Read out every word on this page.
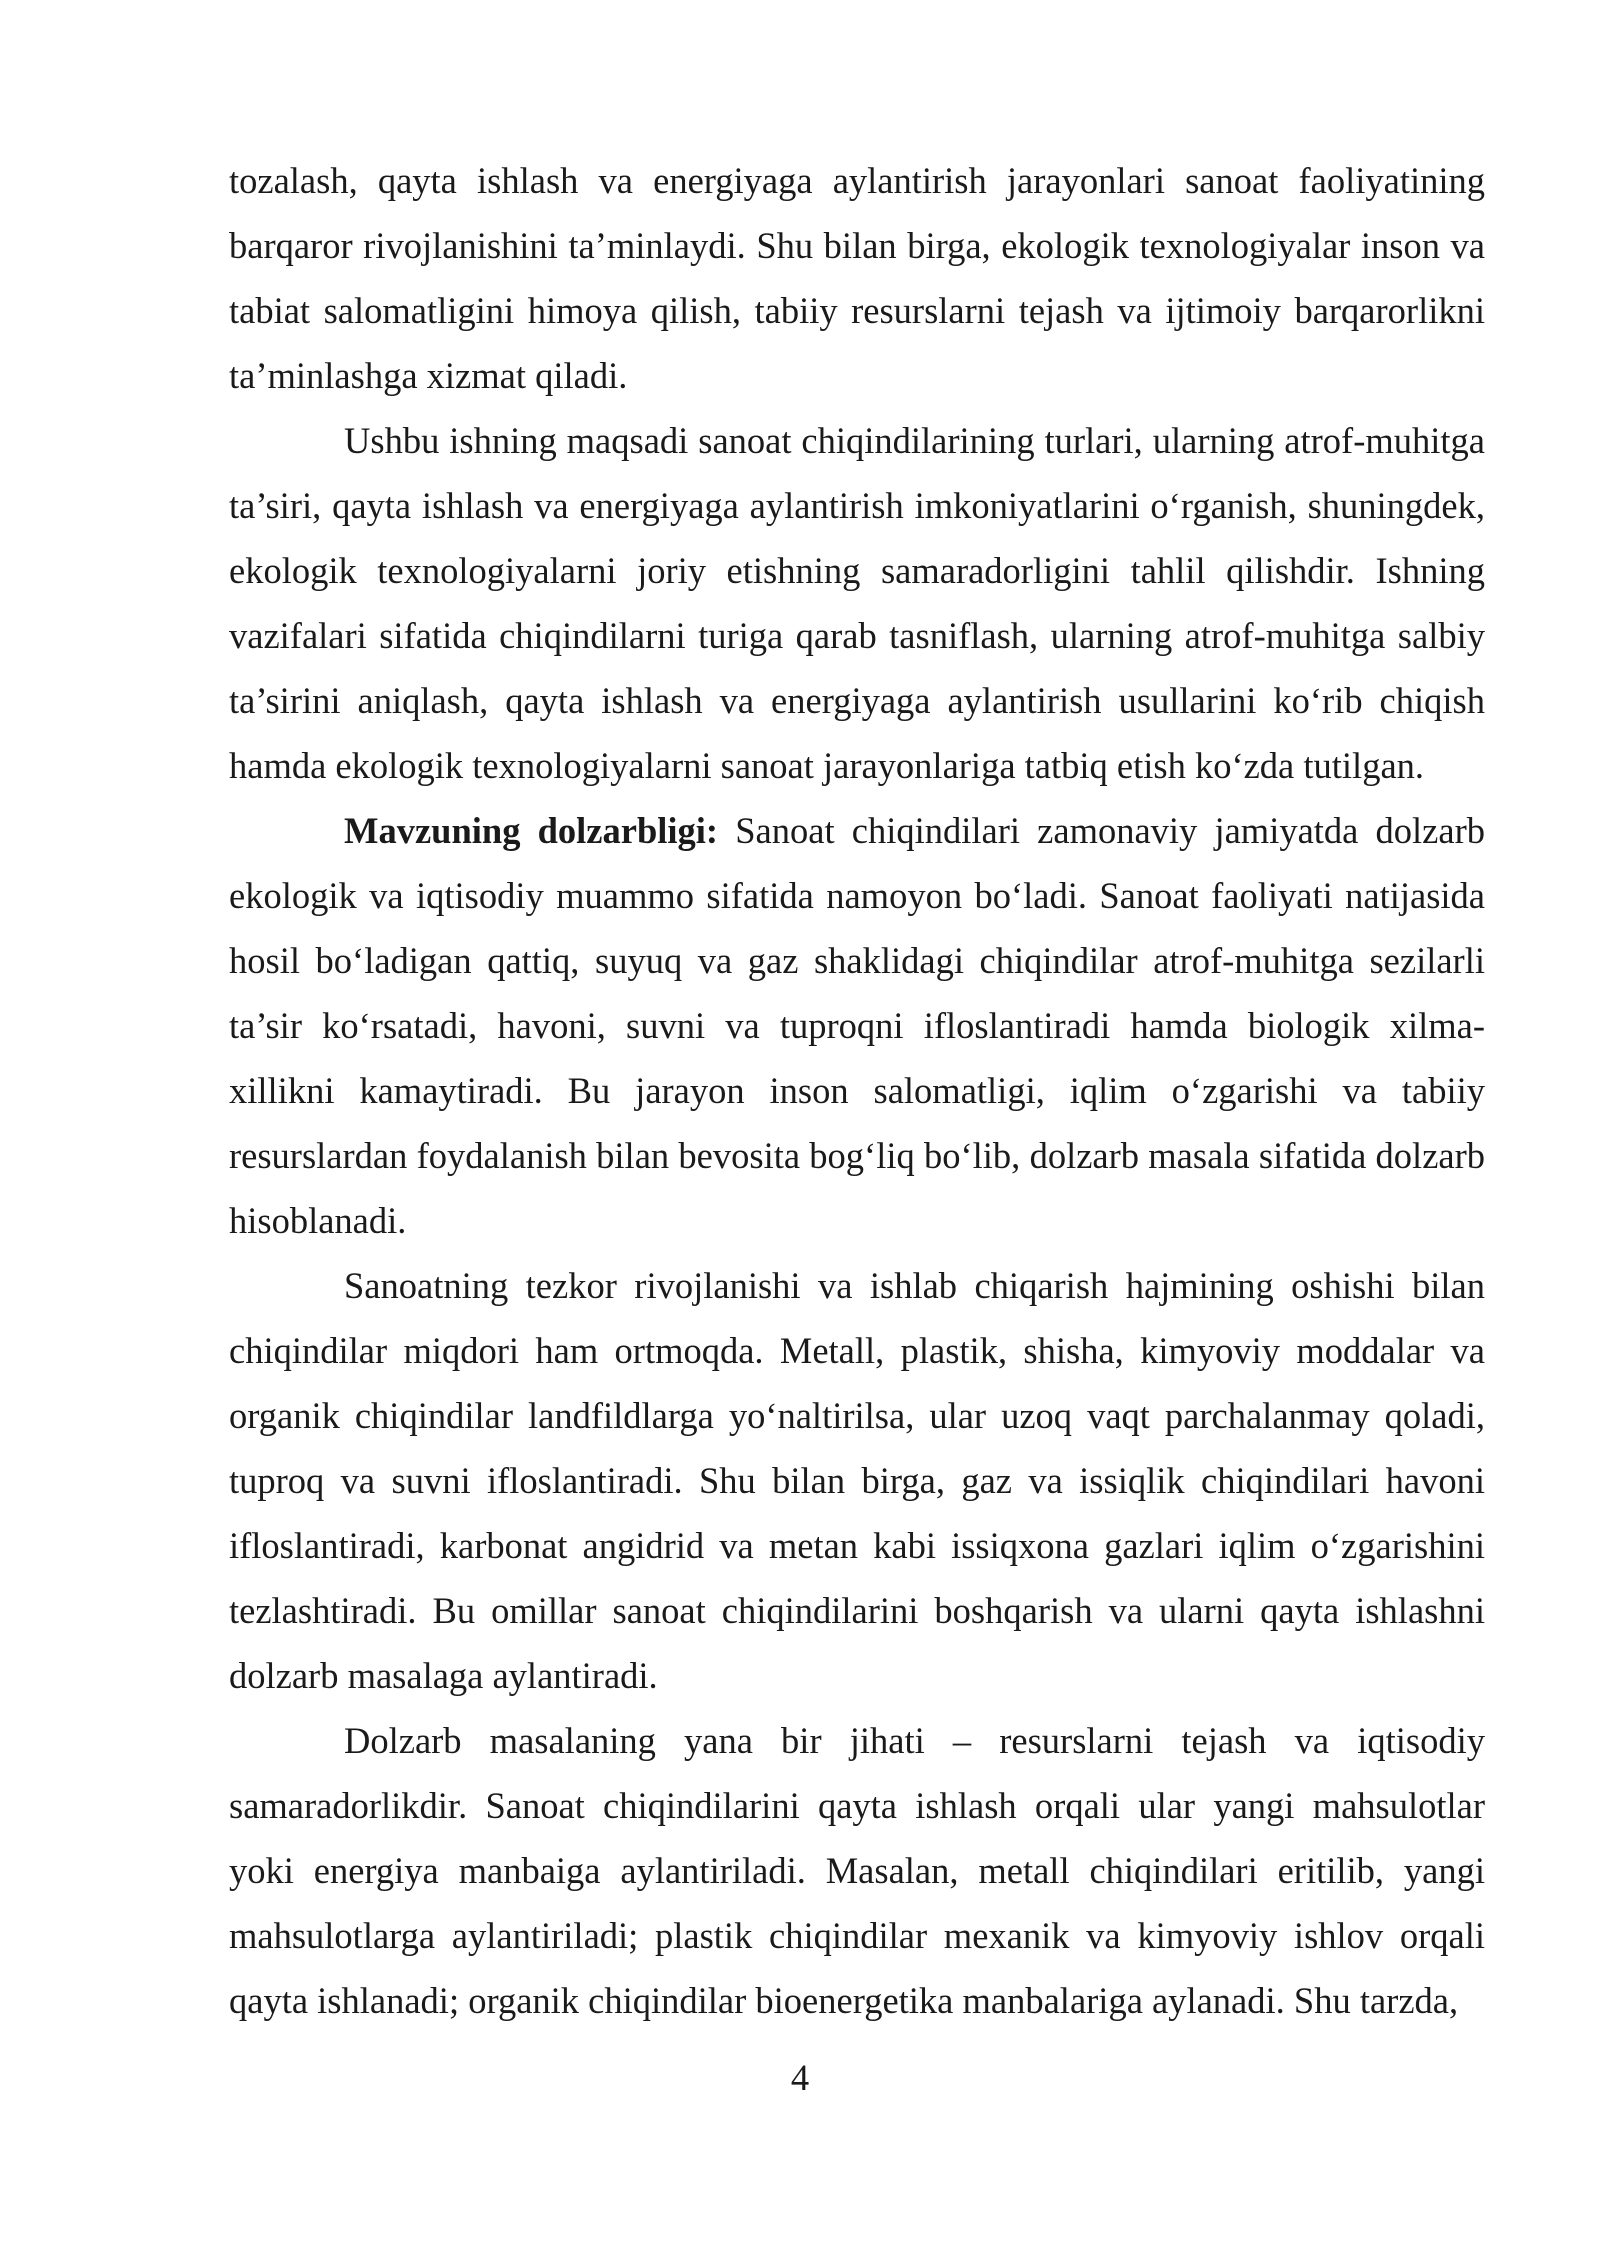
tozalash, qayta ishlash va energiyaga aylantirish jarayonlari sanoat faoliyatining barqaror rivojlanishini ta’minlaydi. Shu bilan birga, ekologik texnologiyalar inson va tabiat salomatligini himoya qilish, tabiiy resurslarni tejash va ijtimoiy barqarorlikni ta’minlashga xizmat qiladi.

Ushbu ishning maqsadi sanoat chiqindilarining turlari, ularning atrof-muhitga ta’siri, qayta ishlash va energiyaga aylantirish imkoniyatlarini o‘rganish, shuningdek, ekologik texnologiyalarni joriy etishning samaradorligini tahlil qilishdir. Ishning vazifalari sifatida chiqindilarni turiga qarab tasniflash, ularning atrof-muhitga salbiy ta’sirini aniqlash, qayta ishlash va energiyaga aylantirish usullarini ko‘rib chiqish hamda ekologik texnologiyalarni sanoat jarayonlariga tatbiq etish ko‘zda tutilgan.

Mavzuning dolzarbligi: Sanoat chiqindilari zamonaviy jamiyatda dolzarb ekologik va iqtisodiy muammo sifatida namoyon bo‘ladi. Sanoat faoliyati natijasida hosil bo‘ladigan qattiq, suyuq va gaz shaklidagi chiqindilar atrof-muhitga sezilarli ta’sir ko‘rsatadi, havoni, suvni va tuproqni ifloslantiradi hamda biologik xilma-xillikni kamaytiradi. Bu jarayon inson salomatligi, iqlim o‘zgarishi va tabiiy resurslardan foydalanish bilan bevosita bog‘liq bo‘lib, dolzarb masala sifatida dolzarb hisoblanadi.

Sanoatning tezkor rivojlanishi va ishlab chiqarish hajmining oshishi bilan chiqindilar miqdori ham ortmoqda. Metall, plastik, shisha, kimyoviy moddalar va organik chiqindilar landfildlarga yo‘naltirilsa, ular uzoq vaqt parchalanmay qoladi, tuproq va suvni ifloslantiradi. Shu bilan birga, gaz va issiqlik chiqindilari havoni ifloslantiradi, karbonat angidrid va metan kabi issiqxona gazlari iqlim o‘zgarishini tezlashtiradi. Bu omillar sanoat chiqindilarini boshqarish va ularni qayta ishlashni dolzarb masalaga aylantiradi.

Dolzarb masalaning yana bir jihati – resurslarni tejash va iqtisodiy samaradorlikdir. Sanoat chiqindilarini qayta ishlash orqali ular yangi mahsulotlar yoki energiya manbaiga aylantiriladi. Masalan, metall chiqindilari eritilib, yangi mahsulotlarga aylantiriladi; plastik chiqindilar mexanik va kimyoviy ishlov orqali qayta ishlanadi; organik chiqindilar bioenergetika manbalariga aylanadi. Shu tarzda,

4
